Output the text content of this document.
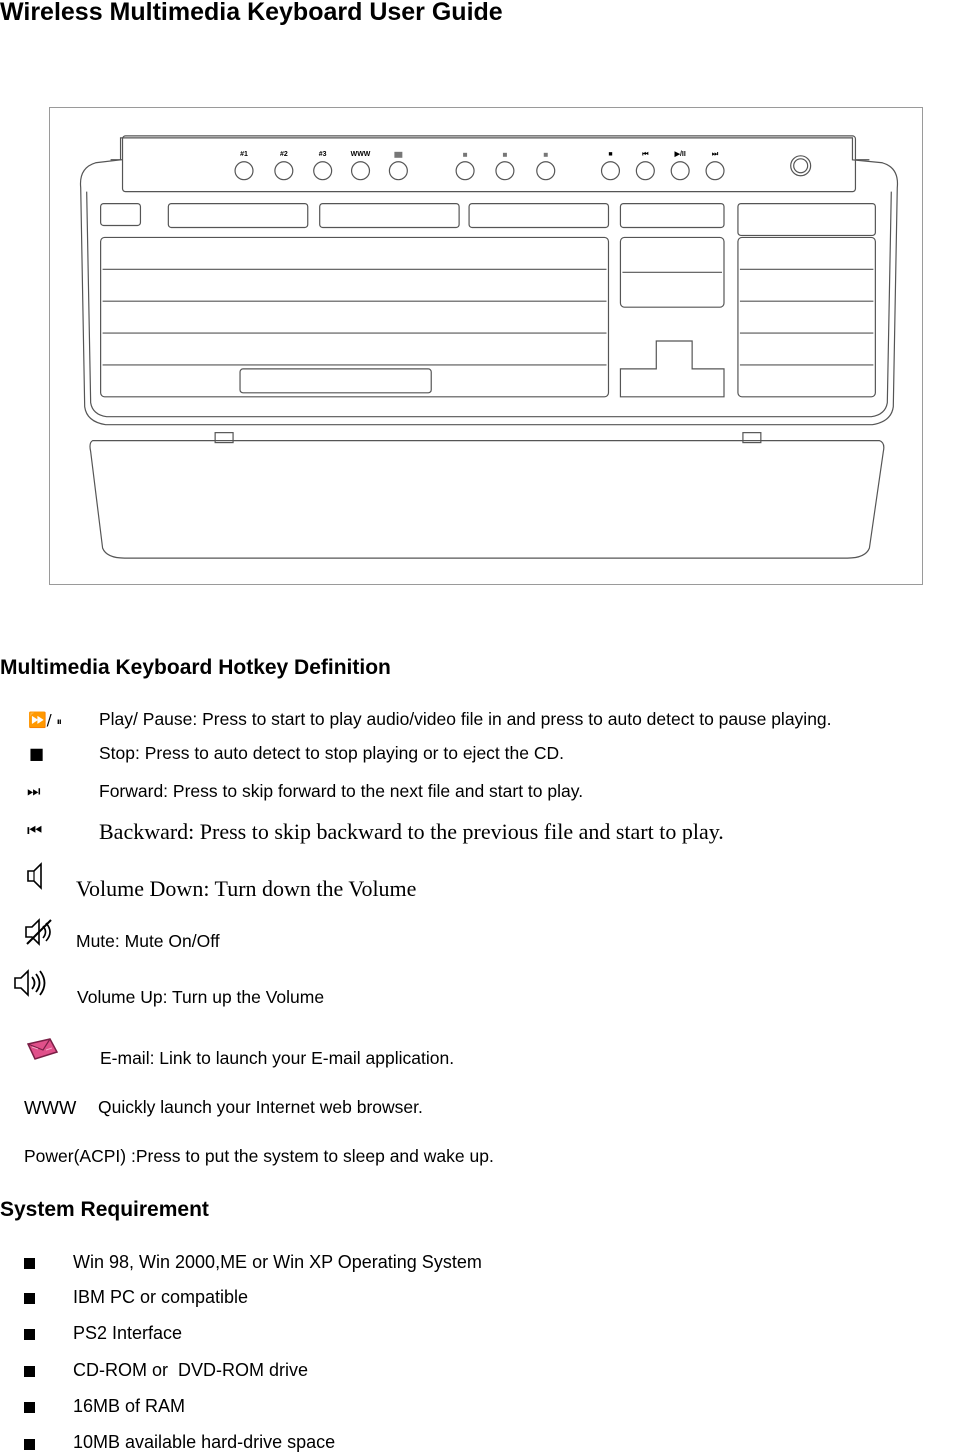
Wireless Multimedia Keyboard User Guide
#1	#2	#3	WWW	■	⏮	▶/II	⏭
Multimedia Keyboard Hotkey Definition
⏩/ ⏸ Play/ Pause: Press to start to play audio/video file in and press to auto detect to pause playing.
■	Stop: Press to auto detect to stop playing or to eject the CD.
⏭	Forward: Press to skip forward to the next file and start to play.
⏮	Backward: Press to skip backward to the previous file and start to play.
Volume Down: Turn down the Volume
Mute: Mute On/Off
Volume Up: Turn up the Volume
E-mail: Link to launch your E-mail application.
WWW Quickly launch your Internet web browser.
Power(ACPI) :Press to put the system to sleep and wake up.
System Requirement
Win 98, Win 2000,ME or Win XP Operating System
IBM PC or compatible
PS2 Interface
CD-ROM or  DVD-ROM drive
16MB of RAM
10MB available hard-drive space
